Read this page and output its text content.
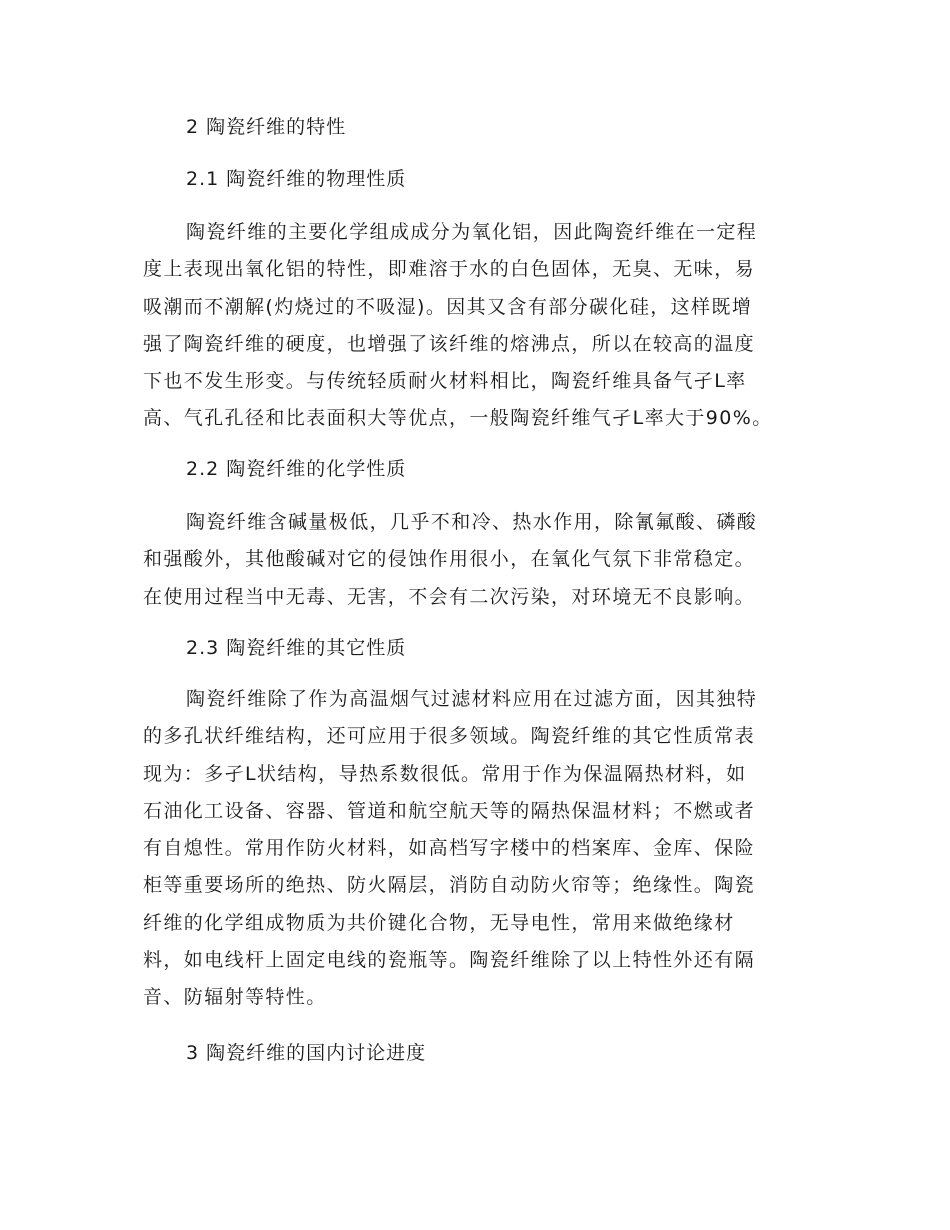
2 陶瓷纤维的特性
2.1 陶瓷纤维的物理性质
陶瓷纤维的主要化学组成成分为氧化铝，因此陶瓷纤维在一定程
度上表现出氧化铝的特性，即难溶于水的白色固体，无臭、无味，易
吸潮而不潮解(灼烧过的不吸湿)。因其又含有部分碳化硅，这样既增
强了陶瓷纤维的硬度，也增强了该纤维的熔沸点，所以在较高的温度
下也不发生形变。与传统轻质耐火材料相比，陶瓷纤维具备气孑L率
高、气孔孔径和比表面积大等优点，一般陶瓷纤维气孑L率大于90%。
2.2 陶瓷纤维的化学性质
陶瓷纤维含碱量极低，几乎不和冷、热水作用，除氰氟酸、磷酸
和强酸外，其他酸碱对它的侵蚀作用很小，在氧化气氛下非常稳定。
在使用过程当中无毒、无害，不会有二次污染，对环境无不良影响。
2.3 陶瓷纤维的其它性质
陶瓷纤维除了作为高温烟气过滤材料应用在过滤方面，因其独特
的多孔状纤维结构，还可应用于很多领域。陶瓷纤维的其它性质常表
现为：多孑L状结构，导热系数很低。常用于作为保温隔热材料，如
石油化工设备、容器、管道和航空航天等的隔热保温材料；不燃或者
有自熄性。常用作防火材料，如高档写字楼中的档案库、金库、保险
柜等重要场所的绝热、防火隔层，消防自动防火帘等；绝缘性。陶瓷
纤维的化学组成物质为共价键化合物，无导电性，常用来做绝缘材
料，如电线杆上固定电线的瓷瓶等。陶瓷纤维除了以上特性外还有隔
音、防辐射等特性。
3 陶瓷纤维的国内讨论进度
